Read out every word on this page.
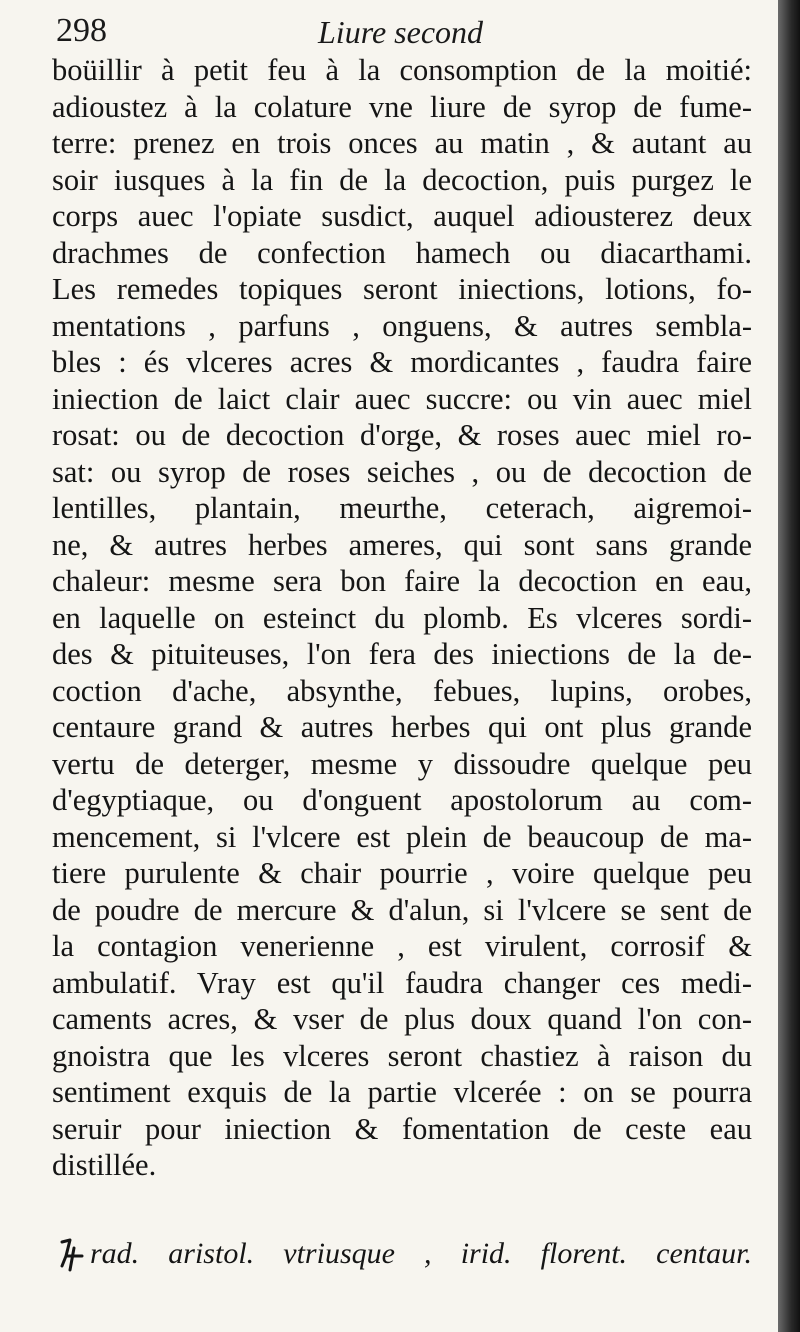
298	Liure second
boüillir à petit feu à la consomption de la moitié:
adioustez à la colature vne liure de syrop de fume-
terre: prenez en trois onces au matin , & autant au
soir iusques à la fin de la decoction, puis purgez le
corps auec l'opiate susdict, auquel adiousterez deux
drachmes de confection hamech ou diacarthami.
Les remedes topiques seront iniections, lotions, fo-
mentations , parfuns , onguens, & autres sembla-
bles : és vlceres acres & mordicantes , faudra faire
iniection de laict clair auec succre: ou vin auec miel
rosat: ou de decoction d'orge, & roses auec miel ro-
sat: ou syrop de roses seiches , ou de decoction de
lentilles, plantain, meurthe, ceterach, aigremoi-
ne, & autres herbes ameres, qui sont sans grande
chaleur: mesme sera bon faire la decoction en eau,
en laquelle on esteinct du plomb. Es vlceres sordi-
des & pituiteuses, l'on fera des iniections de la de-
coction d'ache, absynthe, febues, lupins, orobes,
centaure grand & autres herbes qui ont plus grande
vertu de deterger, mesme y dissoudre quelque peu
d'egyptiaque, ou d'onguent apostolorum au com-
mencement, si l'vlcere est plein de beaucoup de ma-
tiere purulente & chair pourrie , voire quelque peu
de poudre de mercure & d'alun, si l'vlcere se sent de
la contagion venerienne , est virulent, corrosif &
ambulatif. Vray est qu'il faudra changer ces medi-
caments acres, & vser de plus doux quand l'on con-
gnoistra que les vlceres seront chastiez à raison du
sentiment exquis de la partie vlcerée : on se pourra
seruir pour iniection & fomentation de ceste eau
distillée.
rad. aristol. vtriusque , irid. florent. centaur.
